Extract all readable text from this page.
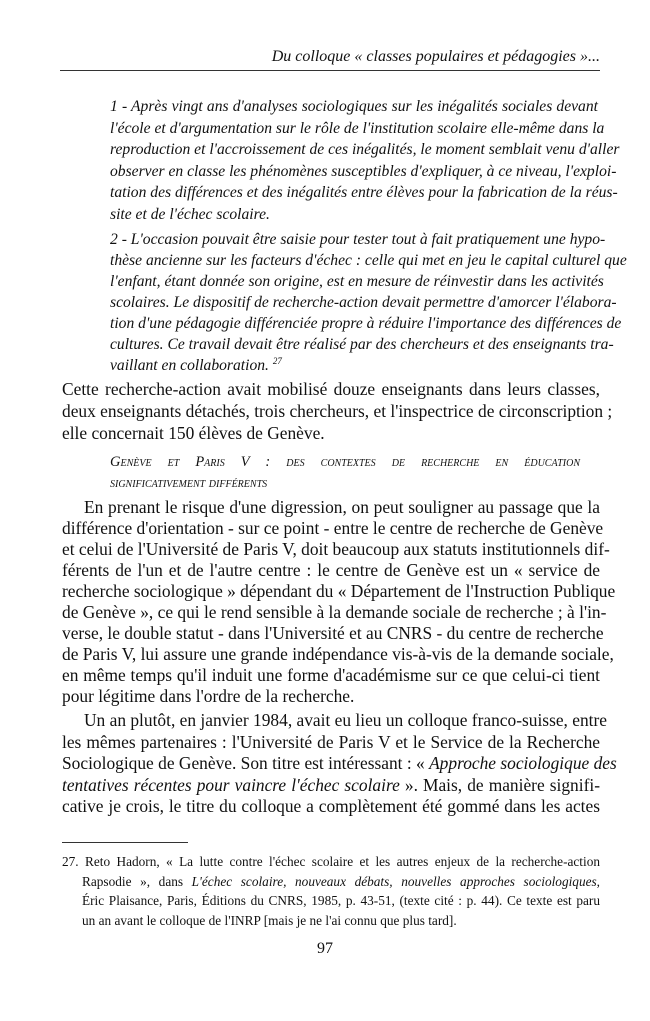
Du colloque « classes populaires et pédagogies »...
1 - Après vingt ans d'analyses sociologiques sur les inégalités sociales devant
l'école et d'argumentation sur le rôle de l'institution scolaire elle-même dans la
reproduction et l'accroissement de ces inégalités, le moment semblait venu d'aller
observer en classe les phénomènes susceptibles d'expliquer, à ce niveau, l'exploi-
tation des différences et des inégalités entre élèves pour la fabrication de la réus-
site et de l'échec scolaire.
2 - L'occasion pouvait être saisie pour tester tout à fait pratiquement une hypo-
thèse ancienne sur les facteurs d'échec : celle qui met en jeu le capital culturel que
l'enfant, étant donnée son origine, est en mesure de réinvestir dans les activités
scolaires. Le dispositif de recherche-action devait permettre d'amorcer l'élabora-
tion d'une pédagogie différenciée propre à réduire l'importance des différences de
cultures. Ce travail devait être réalisé par des chercheurs et des enseignants tra-
vaillant en collaboration. $^{27}$
Cette recherche-action avait mobilisé douze enseignants dans leurs classes,
deux enseignants détachés, trois chercheurs, et l'inspectrice de circonscription ;
elle concernait 150 élèves de Genève.
Genève et Paris V : des contextes de recherche en éducation
significativement différents
En prenant le risque d'une digression, on peut souligner au passage que la
différence d'orientation - sur ce point - entre le centre de recherche de Genève
et celui de l'Université de Paris V, doit beaucoup aux statuts institutionnels dif-
férents de l'un et de l'autre centre : le centre de Genève est un « service de
recherche sociologique » dépendant du « Département de l'Instruction Publique
de Genève », ce qui le rend sensible à la demande sociale de recherche ; à l'in-
verse, le double statut - dans l'Université et au CNRS - du centre de recherche
de Paris V, lui assure une grande indépendance vis-à-vis de la demande sociale,
en même temps qu'il induit une forme d'académisme sur ce que celui-ci tient
pour légitime dans l'ordre de la recherche.
Un an plutôt, en janvier 1984, avait eu lieu un colloque franco-suisse, entre
les mêmes partenaires : l'Université de Paris V et le Service de la Recherche
Sociologique de Genève. Son titre est intéressant : « Approche sociologique des
tentatives récentes pour vaincre l'échec scolaire ». Mais, de manière signifi-
cative je crois, le titre du colloque a complètement été gommé dans les actes
27. Reto Hadorn, « La lutte contre l'échec scolaire et les autres enjeux de la recherche-action
Rapsodie », dans L'échec scolaire, nouveaux débats, nouvelles approches sociologiques,
Éric Plaisance, Paris, Éditions du CNRS, 1985, p. 43-51, (texte cité : p. 44). Ce texte est paru
un an avant le colloque de l'INRP [mais je ne l'ai connu que plus tard].
97
